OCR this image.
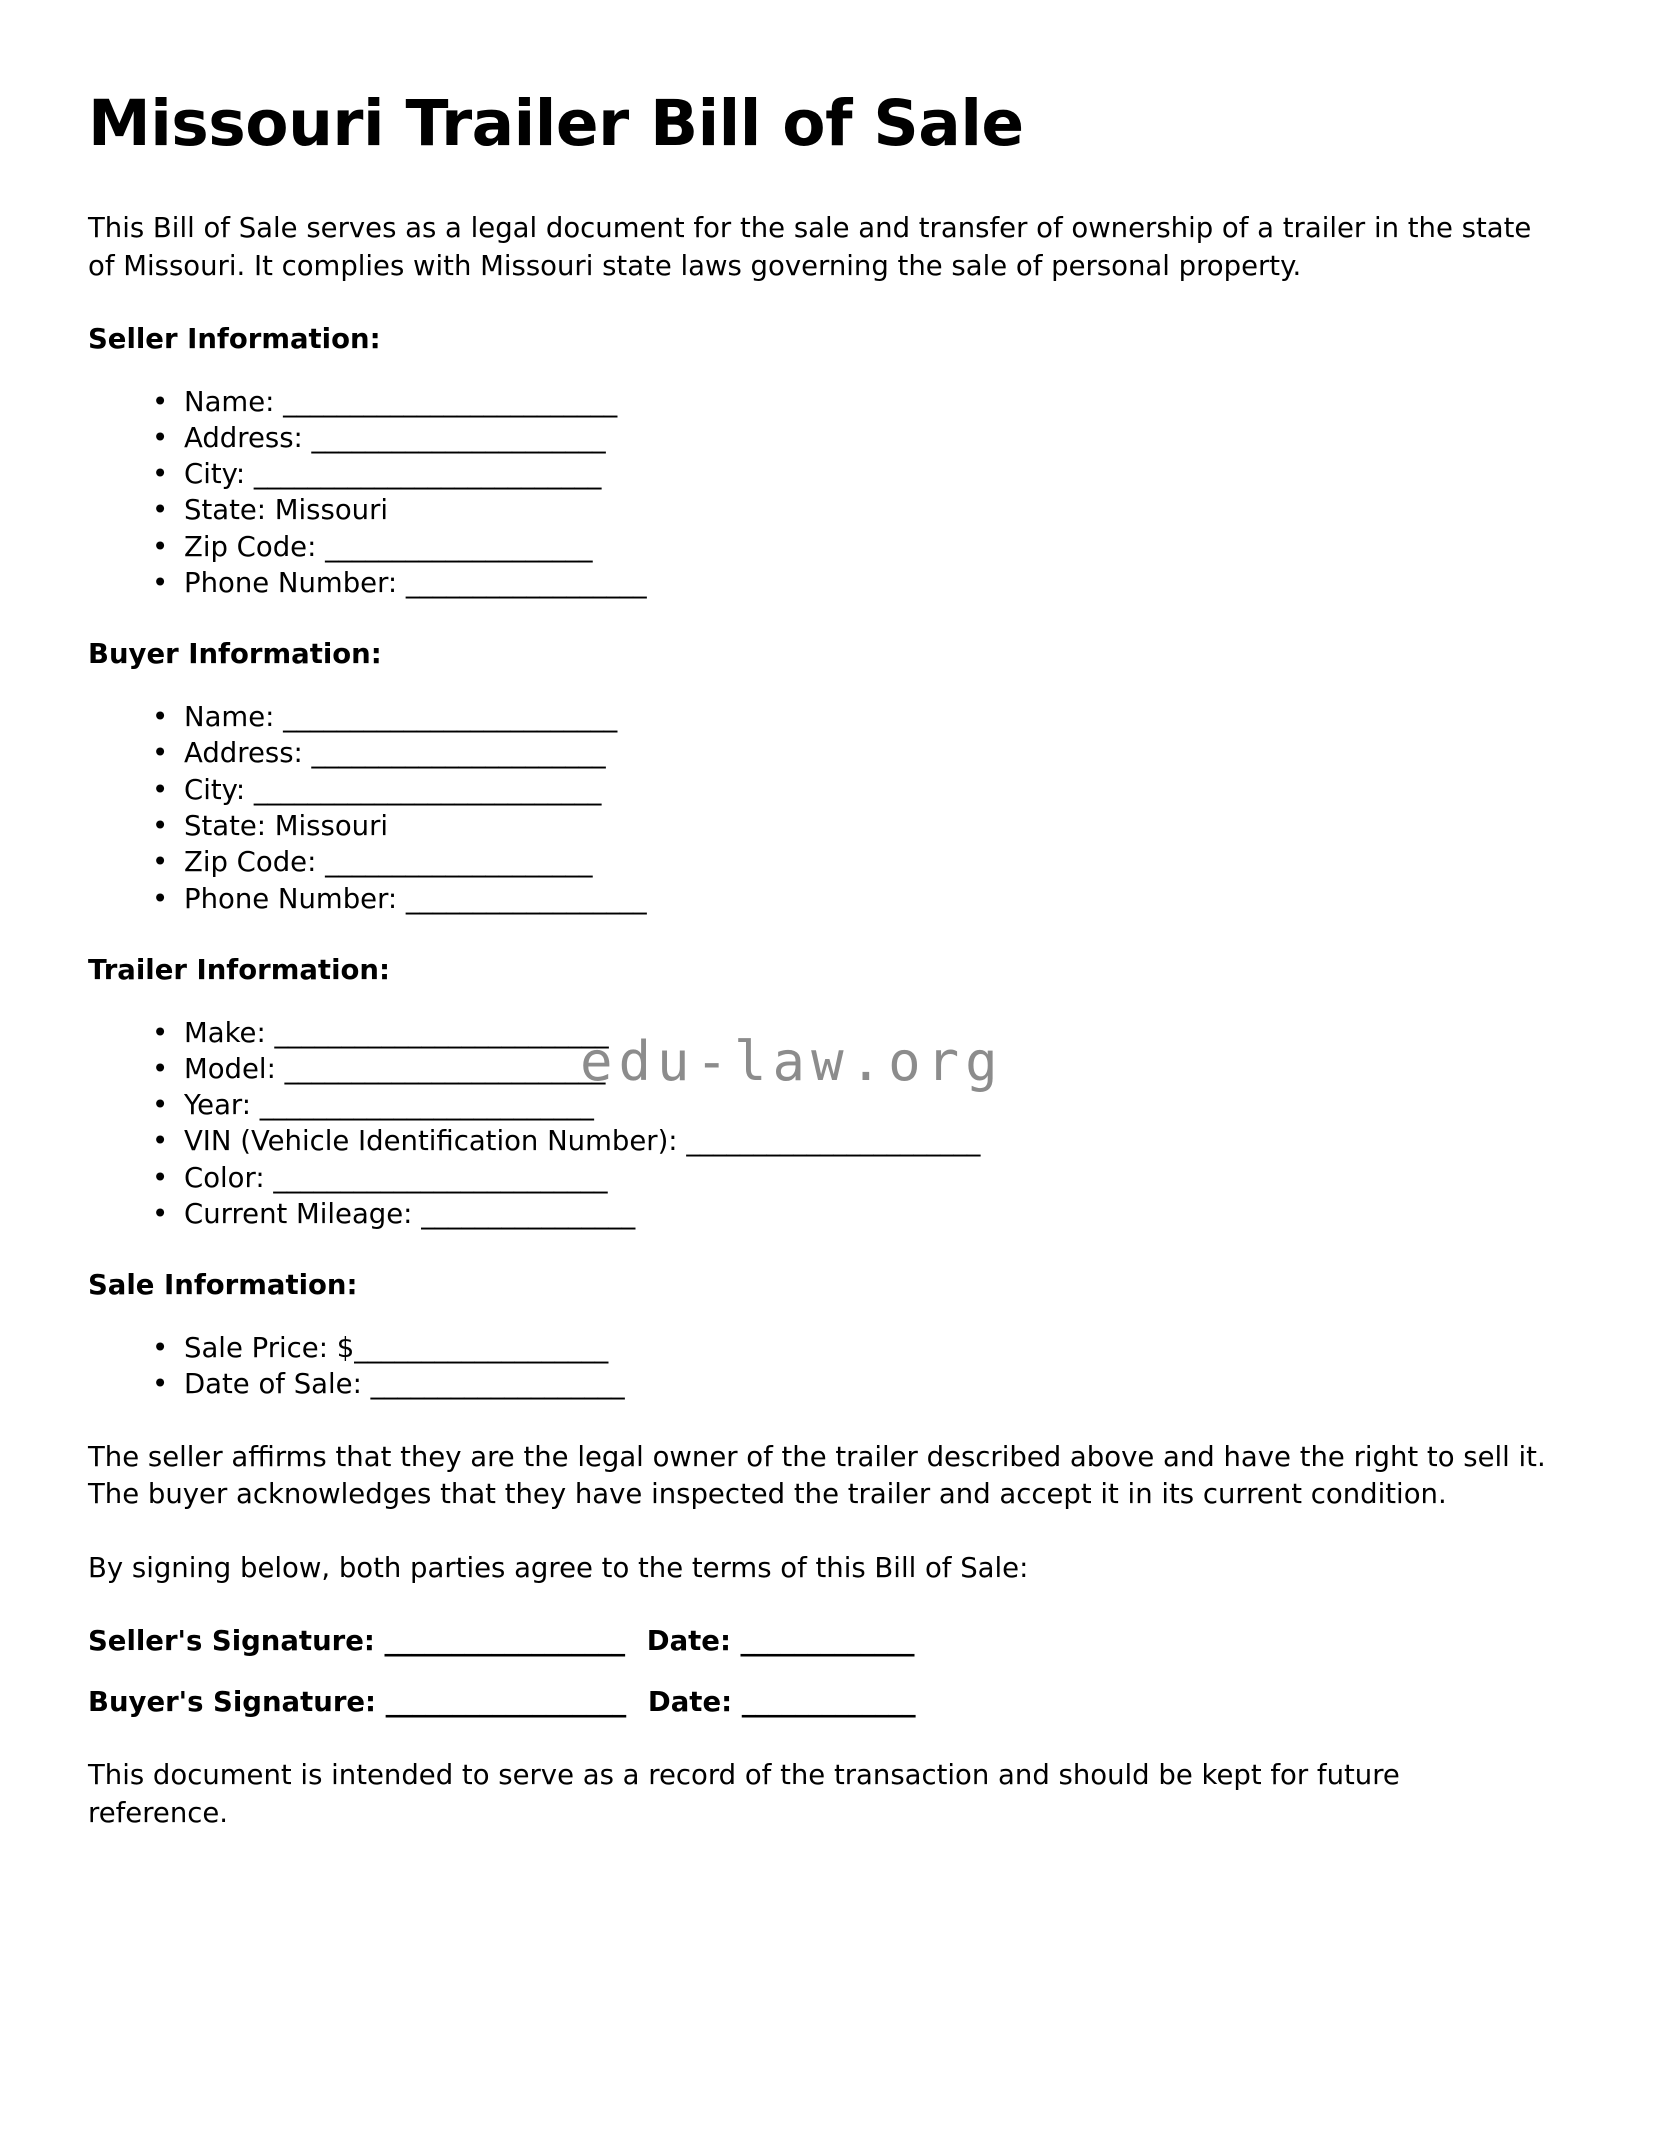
Missouri Trailer Bill of Sale

This Bill of Sale serves as a legal document for the sale and transfer of ownership of a trailer in the state of Missouri. It complies with Missouri state laws governing the sale of personal property.

Seller Information:
• Name: _________________________
• Address: ______________________
• City: __________________________
• State: Missouri
• Zip Code: ____________________
• Phone Number: __________________
Buyer Information:
• Name: _________________________
• Address: ______________________
• City: __________________________
• State: Missouri
• Zip Code: ____________________
• Phone Number: __________________
Trailer Information:
• Make: _________________________
• Model: ________________________
• Year: _________________________
• VIN (Vehicle Identification Number): ______________________
• Color: _________________________
• Current Mileage: ________________
Sale Information:
• Sale Price: $___________________
• Date of Sale: ___________________

The seller affirms that they are the legal owner of the trailer described above and have the right to sell it. The buyer acknowledges that they have inspected the trailer and accept it in its current condition.

By signing below, both parties agree to the terms of this Bill of Sale:

Seller's Signature: __________________ Date: _____________
Buyer's Signature: __________________ Date: _____________

This document is intended to serve as a record of the transaction and should be kept for future reference.

edu-law.org
